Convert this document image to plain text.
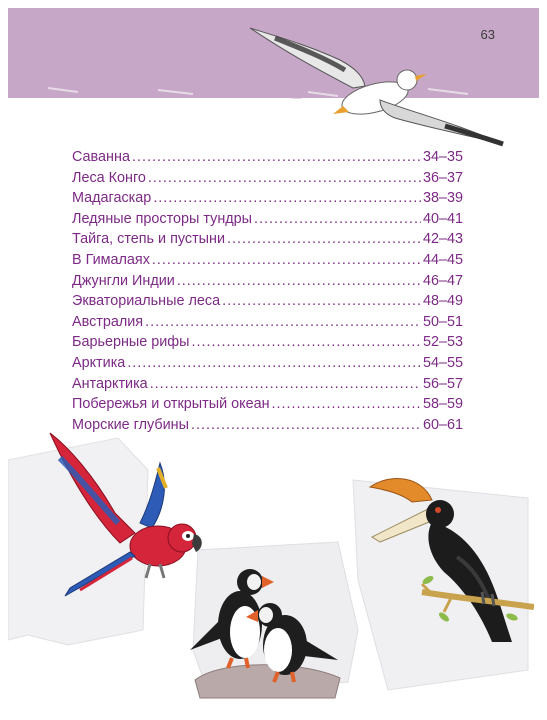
63
Саванна .....	34–35
Леса Конго .....	36–37
Мадагаскар .....	38–39
Ледяные просторы тундры .....	40–41
Тайга, степь и пустыни .....	42–43
В Гималаях .....	44–45
Джунгли Индии .....	46–47
Экваториальные леса .....	48–49
Австралия .....	50–51
Барьерные рифы .....	52–53
Арктика .....	54–55
Антарктика .....	56–57
Побережья и открытый океан .....	58–59
Морские глубины .....	60–61
